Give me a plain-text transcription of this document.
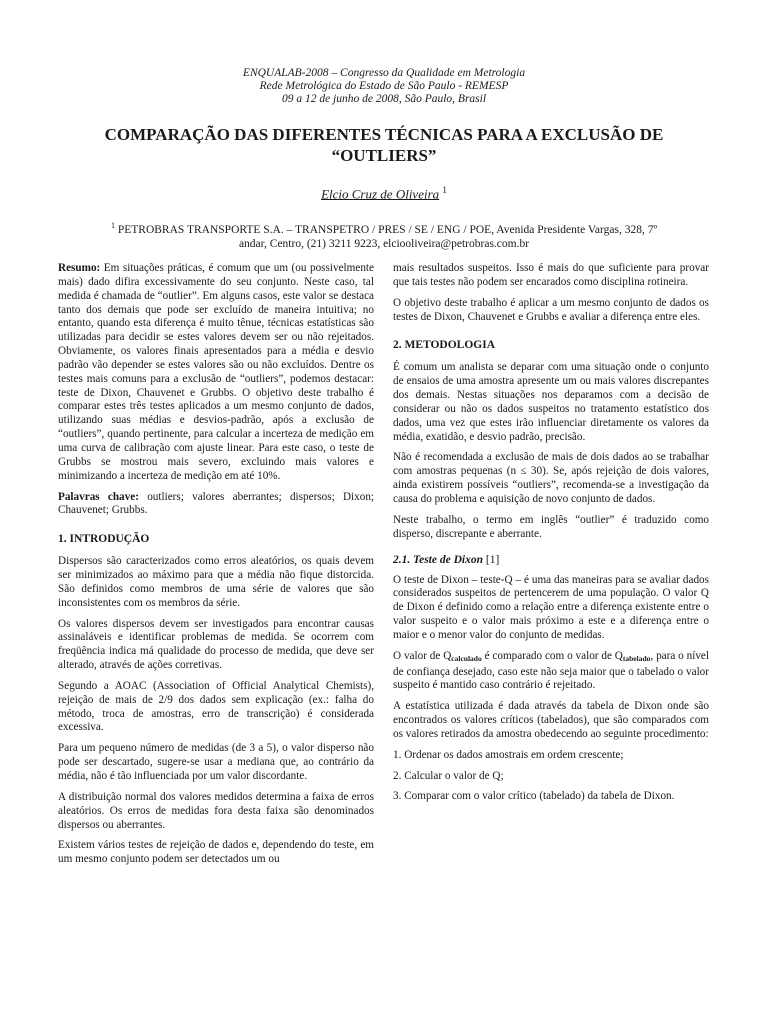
ENQUALAB-2008 – Congresso da Qualidade em Metrologia
Rede Metrológica do Estado de São Paulo - REMESP
09 a 12 de junho de 2008, São Paulo, Brasil
COMPARAÇÃO DAS DIFERENTES TÉCNICAS PARA A EXCLUSÃO DE
“OUTLIERS”
Elcio Cruz de Oliveira $^1$
$^1$ PETROBRAS TRANSPORTE S.A. – TRANSPETRO / PRES / SE / ENG / POE, Avenida Presidente Vargas, 328, 7º
andar, Centro, (21) 3211 9223, elciooliveira@petrobras.com.br

Resumo: Em situações práticas, é comum que um (ou possivelmente mais) dado difira excessivamente do seu conjunto. Neste caso, tal medida é chamada de “outlier”. Em alguns casos, este valor se destaca tanto dos demais que pode ser excluído de maneira intuitiva; no entanto, quando esta diferença é muito tênue, técnicas estatísticas são utilizadas para decidir se estes valores devem ser ou não rejeitados. Obviamente, os valores finais apresentados para a média e desvio padrão vão depender se estes valores são ou não excluídos. Dentre os testes mais comuns para a exclusão de “outliers”, podemos destacar: teste de Dixon, Chauvenet e Grubbs. O objetivo deste trabalho é comparar estes três testes aplicados a um mesmo conjunto de dados, utilizando suas médias e desvios-padrão, após a exclusão de “outliers”, quando pertinente, para calcular a incerteza de medição em uma curva de calibração com ajuste linear. Para este caso, o teste de Grubbs se mostrou mais severo, excluindo mais valores e minimizando a incerteza de medição em até 10%.

Palavras chave: outliers; valores aberrantes; dispersos; Dixon; Chauvenet; Grubbs.

1. INTRODUÇÃO

Dispersos são caracterizados como erros aleatórios, os quais devem ser minimizados ao máximo para que a média não fique distorcida. São definidos como membros de uma série de valores que são inconsistentes com os membros da série.

Os valores dispersos devem ser investigados para encontrar causas assinaláveis e identificar problemas de medida. Se ocorrem com freqüência indica má qualidade do processo de medida, que deve ser alterado, através de ações corretivas.

Segundo a AOAC (Association of Official Analytical Chemists), rejeição de mais de 2/9 dos dados sem explicação (ex.: falha do método, troca de amostras, erro de transcrição) é considerada excessiva.

Para um pequeno número de medidas (de 3 a 5), o valor disperso não pode ser descartado, sugere-se usar a mediana que, ao contrário da média, não é tão influenciada por um valor discordante.

A distribuição normal dos valores medidos determina a faixa de erros aleatórios. Os erros de medidas fora desta faixa são denominados dispersos ou aberrantes.

Existem vários testes de rejeição de dados e, dependendo do teste, em um mesmo conjunto podem ser detectados um ou

mais resultados suspeitos. Isso é mais do que suficiente para provar que tais testes não podem ser encarados como disciplina rotineira.

O objetivo deste trabalho é aplicar a um mesmo conjunto de dados os testes de Dixon, Chauvenet e Grubbs e avaliar a diferença entre eles.

2. METODOLOGIA

É comum um analista se deparar com uma situação onde o conjunto de ensaios de uma amostra apresente um ou mais valores discrepantes dos demais. Nestas situações nos deparamos com a decisão de considerar ou não os dados suspeitos no tratamento estatístico dos dados, uma vez que estes irão influenciar diretamente os valores da média, exatidão, e desvio padrão, precisão.

Não é recomendada a exclusão de mais de dois dados ao se trabalhar com amostras pequenas (n ≤ 30). Se, após rejeição de dois valores, ainda existirem possíveis “outliers”, recomenda-se a investigação da causa do problema e aquisição de novo conjunto de dados.

Neste trabalho, o termo em inglês “outlier” é traduzido como disperso, discrepante e aberrante.

2.1. Teste de Dixon [1]

O teste de Dixon – teste-Q – é uma das maneiras para se avaliar dados considerados suspeitos de pertencerem de uma população. O valor Q de Dixon é definido como a relação entre a diferença existente entre o valor suspeito e o valor mais próximo a este e a diferença entre o maior e o menor valor do conjunto de medidas.

O valor de Qcalculado é comparado com o valor de Qtabelado, para o nível de confiança desejado, caso este não seja maior que o tabelado o valor suspeito é mantido caso contrário é rejeitado.

A estatística utilizada é dada através da tabela de Dixon onde são encontrados os valores críticos (tabelados), que são comparados com os valores retirados da amostra obedecendo ao seguinte procedimento:

1. Ordenar os dados amostrais em ordem crescente;

2. Calcular o valor de Q;

3. Comparar com o valor crítico (tabelado) da tabela de Dixon.
